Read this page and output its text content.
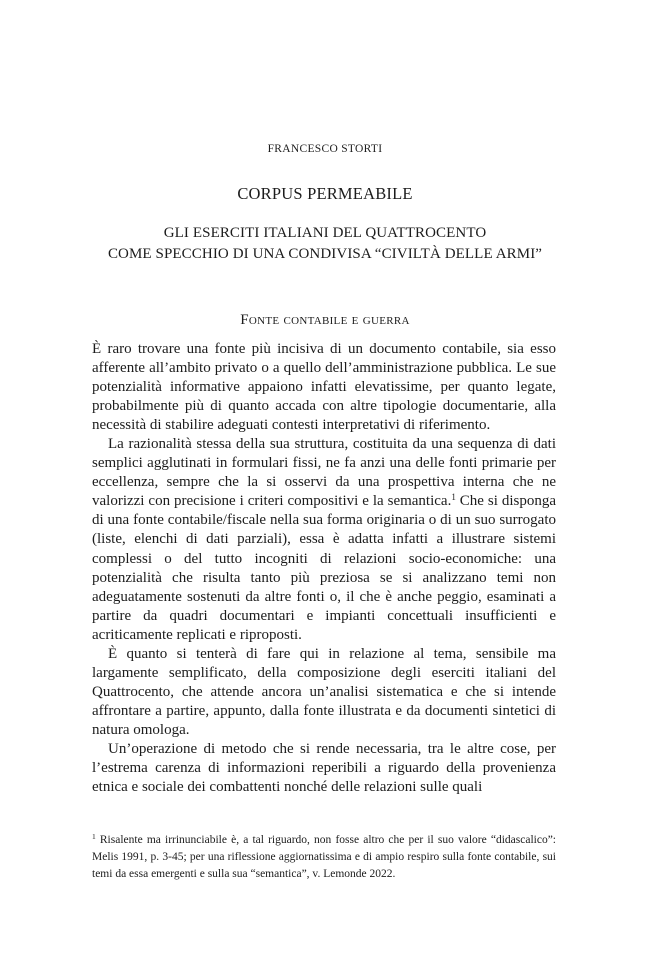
FRANCESCO STORTI
CORPUS PERMEABILE
GLI ESERCITI ITALIANI DEL QUATTROCENTO
COME SPECCHIO DI UNA CONDIVISA “CIVILTÀ DELLE ARMI”
Fonte contabile e guerra

È raro trovare una fonte più incisiva di un documento contabile, sia esso afferente all’ambito privato o a quello dell’amministrazione pubblica. Le sue potenzialità informative appaiono infatti elevatissime, per quanto legate, probabilmente più di quanto accada con altre tipologie documentarie, alla necessità di stabilire adeguati contesti interpretativi di riferimento.

La razionalità stessa della sua struttura, costituita da una sequenza di dati semplici agglutinati in formulari fissi, ne fa anzi una delle fonti primarie per eccellenza, sempre che la si osservi da una prospettiva interna che ne valorizzi con precisione i criteri compositivi e la semantica.$^1$ Che si disponga di una fonte contabile/fiscale nella sua forma originaria o di un suo surrogato (liste, elenchi di dati parziali), essa è adatta infatti a illustrare sistemi complessi o del tutto incogniti di relazioni socio-economiche: una potenzialità che risulta tanto più preziosa se si analizzano temi non adeguatamente sostenuti da altre fonti o, il che è anche peggio, esaminati a partire da quadri documentari e impianti concettuali insufficienti e acriticamente replicati e riproposti.

È quanto si tenterà di fare qui in relazione al tema, sensibile ma largamente semplificato, della composizione degli eserciti italiani del Quattrocento, che attende ancora un’analisi sistematica e che si intende affrontare a partire, appunto, dalla fonte illustrata e da documenti sintetici di natura omologa.

Un’operazione di metodo che si rende necessaria, tra le altre cose, per l’estrema carenza di informazioni reperibili a riguardo della provenienza etnica e sociale dei combattenti nonché delle relazioni sulle quali

$^1$ Risalente ma irrinunciabile è, a tal riguardo, non fosse altro che per il suo valore “didascalico”: Melis 1991, p. 3-45; per una riflessione aggiornatissima e di ampio respiro sulla fonte contabile, sui temi da essa emergenti e sulla sua “semantica”, v. Lemonde 2022.
